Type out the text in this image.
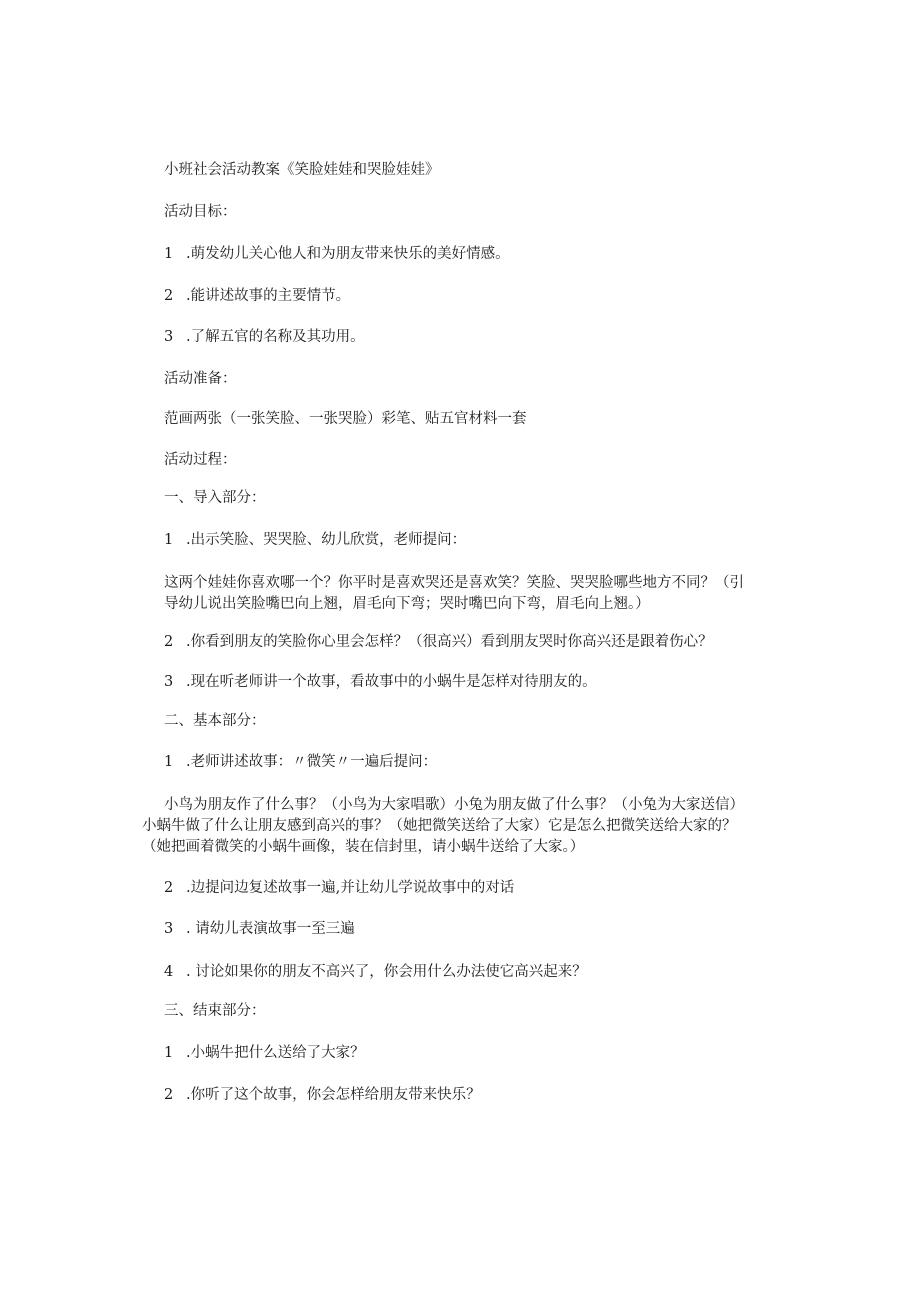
小班社会活动教案《笑脸娃娃和哭脸娃娃》
活动目标：
1 .萌发幼儿关心他人和为朋友带来快乐的美好情感。
2 .能讲述故事的主要情节。
3 .了解五官的名称及其功用。
活动准备：
范画两张（一张笑脸、一张哭脸）彩笔、贴五官材料一套
活动过程：
一、导入部分：
1 .出示笑脸、哭哭脸、幼儿欣赏，老师提问：
这两个娃娃你喜欢哪一个？你平时是喜欢哭还是喜欢笑？笑脸、哭哭脸哪些地方不同？（引
导幼儿说出笑脸嘴巴向上翘，眉毛向下弯；哭时嘴巴向下弯，眉毛向上翘。）
2 .你看到朋友的笑脸你心里会怎样？（很高兴）看到朋友哭时你高兴还是跟着伤心？
3 .现在听老师讲一个故事，看故事中的小蜗牛是怎样对待朋友的。
二、基本部分：
1 .老师讲述故事：〃微笑〃一遍后提问：
小鸟为朋友作了什么事？（小鸟为大家唱歌）小兔为朋友做了什么事？（小兔为大家送信）
小蜗牛做了什么让朋友感到高兴的事？（她把微笑送给了大家）它是怎么把微笑送给大家的？
（她把画着微笑的小蜗牛画像，装在信封里，请小蜗牛送给了大家。）
2 .边提问边复述故事一遍,并让幼儿学说故事中的对话
3 . 请幼儿表演故事一至三遍
4 . 讨论如果你的朋友不高兴了，你会用什么办法使它高兴起来？
三、结束部分：
1 .小蜗牛把什么送给了大家？
2 .你听了这个故事，你会怎样给朋友带来快乐？
